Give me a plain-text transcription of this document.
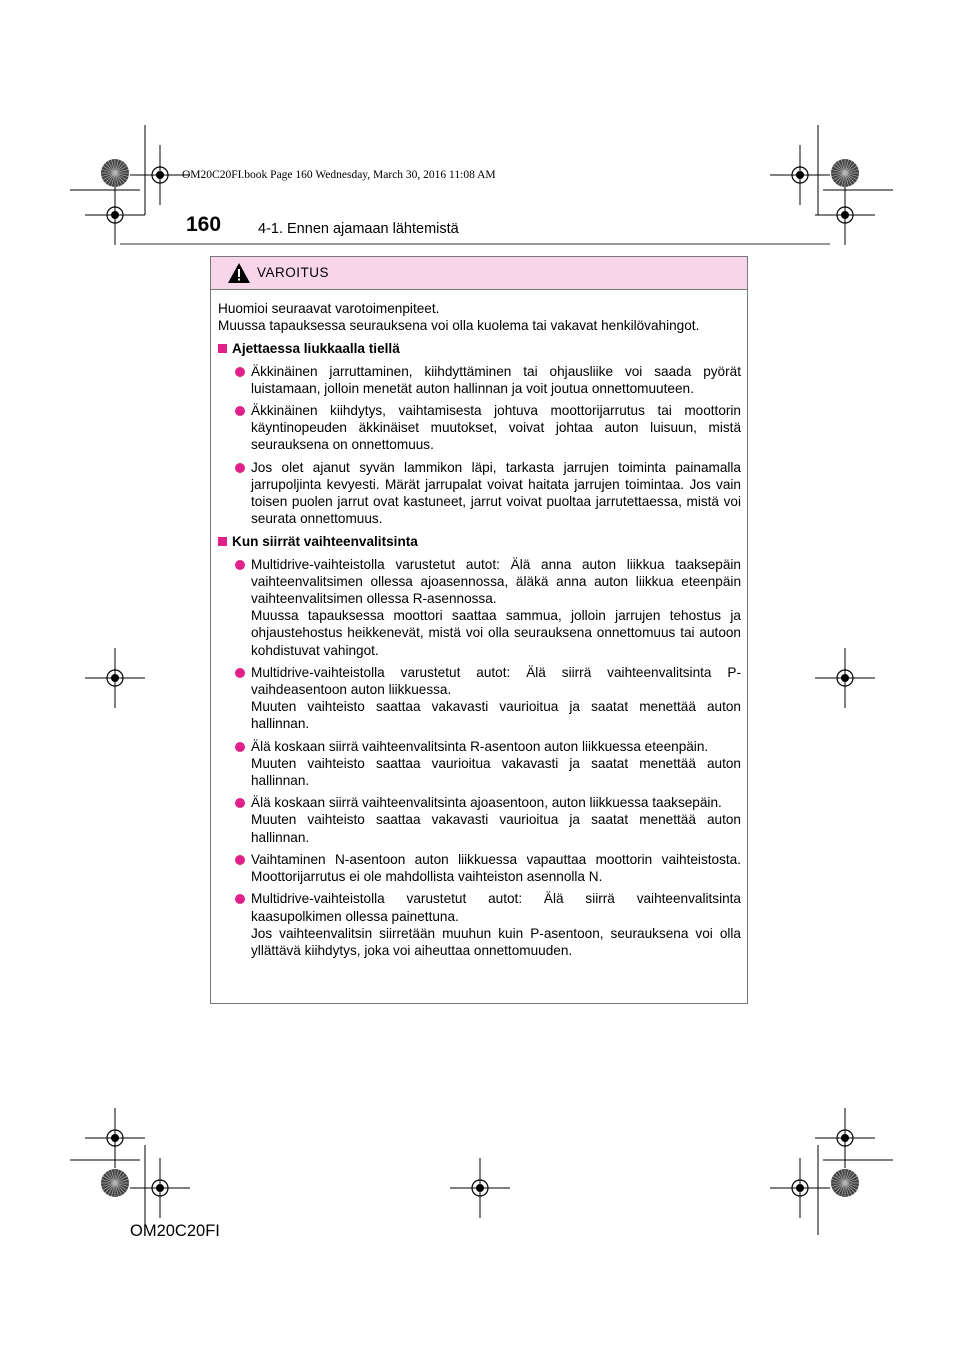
OM20C20FI.book Page 160 Wednesday, March 30, 2016 11:08 AM
160	4-1. Ennen ajamaan lähtemistä
VAROITUS

Huomioi seuraavat varotoimenpiteet.

Muussa tapauksessa seurauksena voi olla kuolema tai vakavat henkilövahingot.

Ajettaessa liukkaalla tiellä

Äkkinäinen jarruttaminen, kiihdyttäminen tai ohjausliike voi saada pyörät luistamaan, jolloin menetät auton hallinnan ja voit joutua onnettomuuteen.

Äkkinäinen kiihdytys, vaihtamisesta johtuva moottorijarrutus tai moottorin käyntinopeuden äkkinäiset muutokset, voivat johtaa auton luisuun, mistä seurauksena on onnettomuus.

Jos olet ajanut syvän lammikon läpi, tarkasta jarrujen toiminta painamalla jarrupoljinta kevyesti. Märät jarrupalat voivat haitata jarrujen toimintaa. Jos vain toisen puolen jarrut ovat kastuneet, jarrut voivat puoltaa jarrutettaessa, mistä voi seurata onnettomuus.

Kun siirrät vaihteenvalitsinta

Multidrive-vaihteistolla varustetut autot: Älä anna auton liikkua taaksepäin vaihteenvalitsimen ollessa ajoasennossa, äläkä anna auton liikkua eteenpäin vaihteenvalitsimen ollessa R-asennossa.

Muussa tapauksessa moottori saattaa sammua, jolloin jarrujen tehostus ja ohjaustehostus heikkenevät, mistä voi olla seurauksena onnettomuus tai autoon kohdistuvat vahingot.

Multidrive-vaihteistolla varustetut autot: Älä siirrä vaihteenvalitsinta P-vaihdeasentoon auton liikkuessa.

Muuten vaihteisto saattaa vakavasti vaurioitua ja saatat menettää auton hallinnan.

Älä koskaan siirrä vaihteenvalitsinta R-asentoon auton liikkuessa eteenpäin.

Muuten vaihteisto saattaa vaurioitua vakavasti ja saatat menettää auton hallinnan.

Älä koskaan siirrä vaihteenvalitsinta ajoasentoon, auton liikkuessa taaksepäin.

Muuten vaihteisto saattaa vakavasti vaurioitua ja saatat menettää auton hallinnan.

Vaihtaminen N-asentoon auton liikkuessa vapauttaa moottorin vaihteistosta. Moottorijarrutus ei ole mahdollista vaihteiston asennolla N.

Multidrive-vaihteistolla varustetut autot: Älä siirrä vaihteenvalitsinta kaasupolkimen ollessa painettuna.

Jos vaihteenvalitsin siirretään muuhun kuin P-asentoon, seurauksena voi olla yllättävä kiihdytys, joka voi aiheuttaa onnettomuuden.

OM20C20FI
